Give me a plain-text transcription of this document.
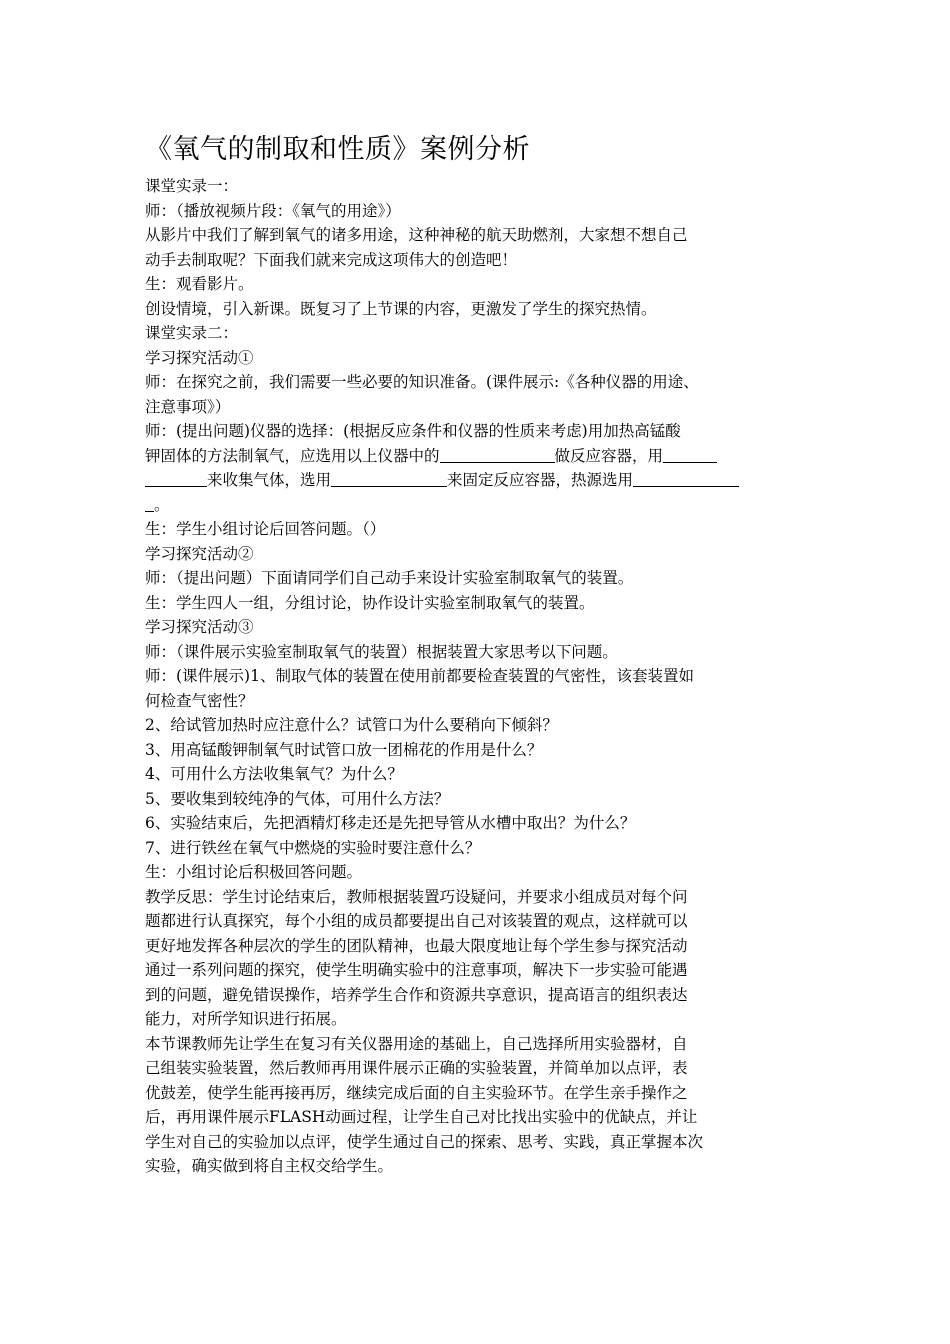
《氧气的制取和性质》案例分析

课堂实录一：

师：（播放视频片段：《氧气的用途》）

从影片中我们了解到氧气的诸多用途，这种神秘的航天助燃剂，大家想不想自己

动手去制取呢？下面我们就来完成这项伟大的创造吧！

生：观看影片。

创设情境，引入新课。既复习了上节课的内容，更激发了学生的探究热情。

课堂实录二：

学习探究活动①

师：在探究之前，我们需要一些必要的知识准备。(课件展示:《各种仪器的用途、

注意事项》）

师：(提出问题)仪器的选择：(根据反应条件和仪器的性质来考虑)用加热高锰酸

钾固体的方法制氧气，应选用以上仪器中的	做反应容器，用

来收集气体，选用	来固定反应容器，热源选用

。

生：学生小组讨论后回答问题。（）

学习探究活动②

师：（提出问题）下面请同学们自己动手来设计实验室制取氧气的装置。

生：学生四人一组，分组讨论，协作设计实验室制取氧气的装置。

学习探究活动③

师：（课件展示实验室制取氧气的装置）根据装置大家思考以下问题。

师：(课件展示)1、制取气体的装置在使用前都要检查装置的气密性，该套装置如

何检查气密性？

2、给试管加热时应注意什么？试管口为什么要稍向下倾斜？

3、用高锰酸钾制氧气时试管口放一团棉花的作用是什么？

4、可用什么方法收集氧气？为什么？

5、要收集到较纯净的气体，可用什么方法？

6、实验结束后，先把酒精灯移走还是先把导管从水槽中取出？为什么？

7、进行铁丝在氧气中燃烧的实验时要注意什么？

生：小组讨论后积极回答问题。

教学反思：学生讨论结束后，教师根据装置巧设疑问，并要求小组成员对每个问

题都进行认真探究，每个小组的成员都要提出自己对该装置的观点，这样就可以

更好地发挥各种层次的学生的团队精神，也最大限度地让每个学生参与探究活动

通过一系列问题的探究，使学生明确实验中的注意事项，解决下一步实验可能遇

到的问题，避免错误操作，培养学生合作和资源共享意识，提高语言的组织表达

能力，对所学知识进行拓展。

本节课教师先让学生在复习有关仪器用途的基础上，自己选择所用实验器材，自

己组装实验装置，然后教师再用课件展示正确的实验装置，并简单加以点评，表

优鼓差，使学生能再接再厉，继续完成后面的自主实验环节。在学生亲手操作之

后，再用课件展示FLASH动画过程，让学生自己对比找出实验中的优缺点，并让

学生对自己的实验加以点评，使学生通过自己的探索、思考、实践，真正掌握本次

实验，确实做到将自主权交给学生。
